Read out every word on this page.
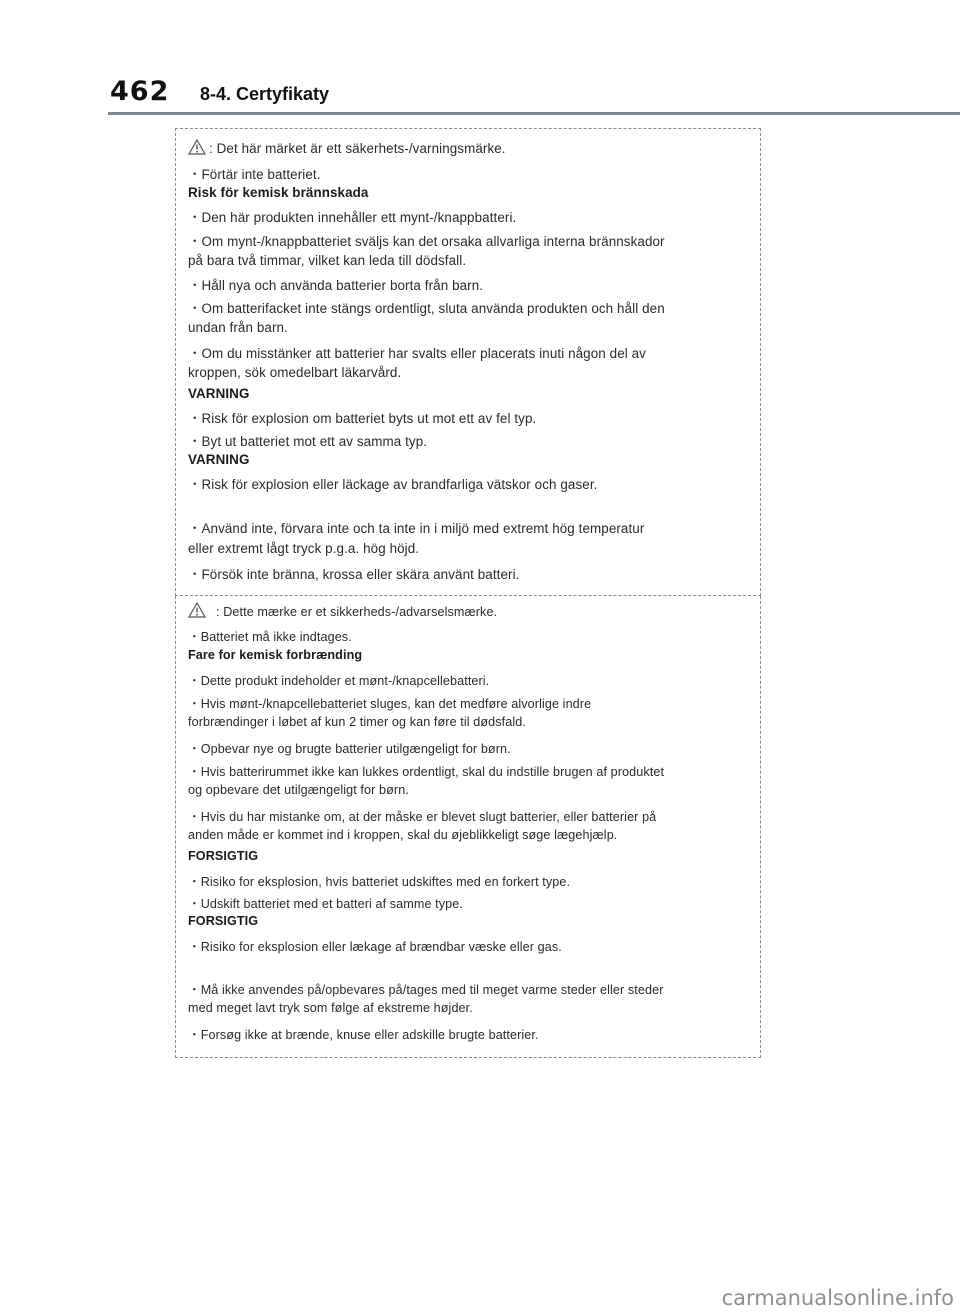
462 8-4. Certyfikaty
: Det här märket är ett säkerhets-/varningsmärke.
・Förtär inte batteriet.
Risk för kemisk brännskada
・Den här produkten innehåller ett mynt-/knappbatteri.
・Om mynt-/knappbatteriet sväljs kan det orsaka allvarliga interna brännskador
på bara två timmar, vilket kan leda till dödsfall.
・Håll nya och använda batterier borta från barn.
・Om batterifacket inte stängs ordentligt, sluta använda produkten och håll den
undan från barn.
・Om du misstänker att batterier har svalts eller placerats inuti någon del av
kroppen, sök omedelbart läkarvård.
VARNING
・Risk för explosion om batteriet byts ut mot ett av fel typ.
・Byt ut batteriet mot ett av samma typ.
VARNING
・Risk för explosion eller läckage av brandfarliga vätskor och gaser.
・Använd inte, förvara inte och ta inte in i miljö med extremt hög temperatur
eller extremt lågt tryck p.g.a. hög höjd.
・Försök inte bränna, krossa eller skära använt batteri.
: Dette mærke er et sikkerheds-/advarselsmærke.
・Batteriet må ikke indtages.
Fare for kemisk forbrænding
・Dette produkt indeholder et mønt-/knapcellebatteri.
・Hvis mønt-/knapcellebatteriet sluges, kan det medføre alvorlige indre
forbrændinger i løbet af kun 2 timer og kan føre til dødsfald.
・Opbevar nye og brugte batterier utilgængeligt for børn.
・Hvis batterirummet ikke kan lukkes ordentligt, skal du indstille brugen af produktet
og opbevare det utilgængeligt for børn.
・Hvis du har mistanke om, at der måske er blevet slugt batterier, eller batterier på
anden måde er kommet ind i kroppen, skal du øjeblikkeligt søge lægehjælp.
FORSIGTIG
・Risiko for eksplosion, hvis batteriet udskiftes med en forkert type.
・Udskift batteriet med et batteri af samme type.
FORSIGTIG
・Risiko for eksplosion eller lækage af brændbar væske eller gas.
・Må ikke anvendes på/opbevares på/tages med til meget varme steder eller steder
med meget lavt tryk som følge af ekstreme højder.
・Forsøg ikke at brænde, knuse eller adskille brugte batterier.
carmanualsonline.info
